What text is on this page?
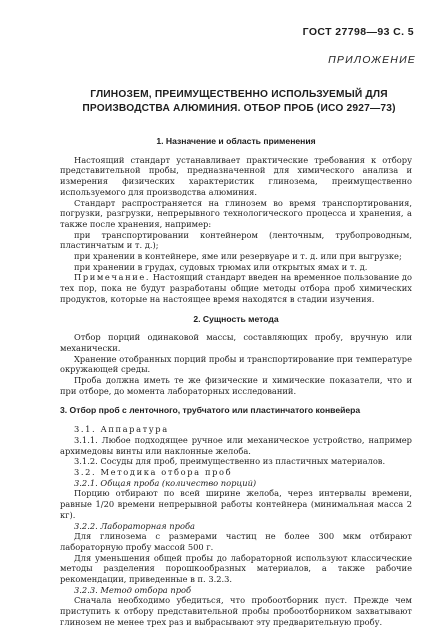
ГОСТ 27798—93 С. 5
ПРИЛОЖЕНИЕ
ГЛИНОЗЕМ, ПРЕИМУЩЕСТВЕННО ИСПОЛЬЗУЕМЫЙ ДЛЯ
ПРОИЗВОДСТВА АЛЮМИНИЯ. ОТБОР ПРОБ (ИСО 2927—73)
1. Назначение и область применения

Настоящий стандарт устанавливает практические требования к отбору представительной пробы, предназначенной для химического анализа и измерения физических характеристик глинозема, преимущественно используемого для производства алюминия.

Стандарт распространяется на глинозем во время транспортирования, погрузки, разгрузки, непрерывного технологического процесса и хранения, а также после хранения, например:

при транспортировании контейнером (ленточным, трубопроводным, пластинчатым и т. д.);

при хранении в контейнере, яме или резервуаре и т. д. или при выгрузке;

при хранении в грудах, судовых трюмах или открытых ямах и т. д.

Примечание. Настоящий стандарт введен на временное пользование до тех пор, пока не будут разработаны общие методы отбора проб химических продуктов, которые на настоящее время находятся в стадии изучения.

2. Сущность метода

Отбор порций одинаковой массы, составляющих пробу, вручную или механически.

Хранение отобранных порций пробы и транспортирование при температуре окружающей среды.

Проба должна иметь те же физические и химические показатели, что и при отборе, до момента лабораторных исследований.

3. Отбор проб с ленточного, трубчатого или пластинчатого конвейера

3.1. Аппаратура

3.1.1. Любое подходящее ручное или механическое устройство, например архимедовы винты или наклонные желоба.

3.1.2. Сосуды для проб, преимущественно из пластичных материалов.

3.2. Методика отбора проб

3.2.1. Общая проба (количество порций)

Порцию отбирают по всей ширине желоба, через интервалы времени, равные 1/20 времени непрерывной работы контейнера (минимальная масса 2 кг).

3.2.2. Лабораторная проба

Для глинозема с размерами частиц не более 300 мкм отбирают лабораторную пробу массой 500 г.

Для уменьшения общей пробы до лабораторной используют классические методы разделения порошкообразных материалов, а также рабочие рекомендации, приведенные в п. 3.2.3.

3.2.3. Метод отбора проб

Сначала необходимо убедиться, что пробоотборник пуст. Прежде чем приступить к отбору представительной пробы пробоотборником захватывают глинозем не менее трех раз и выбрасывают эту предварительную пробу.
